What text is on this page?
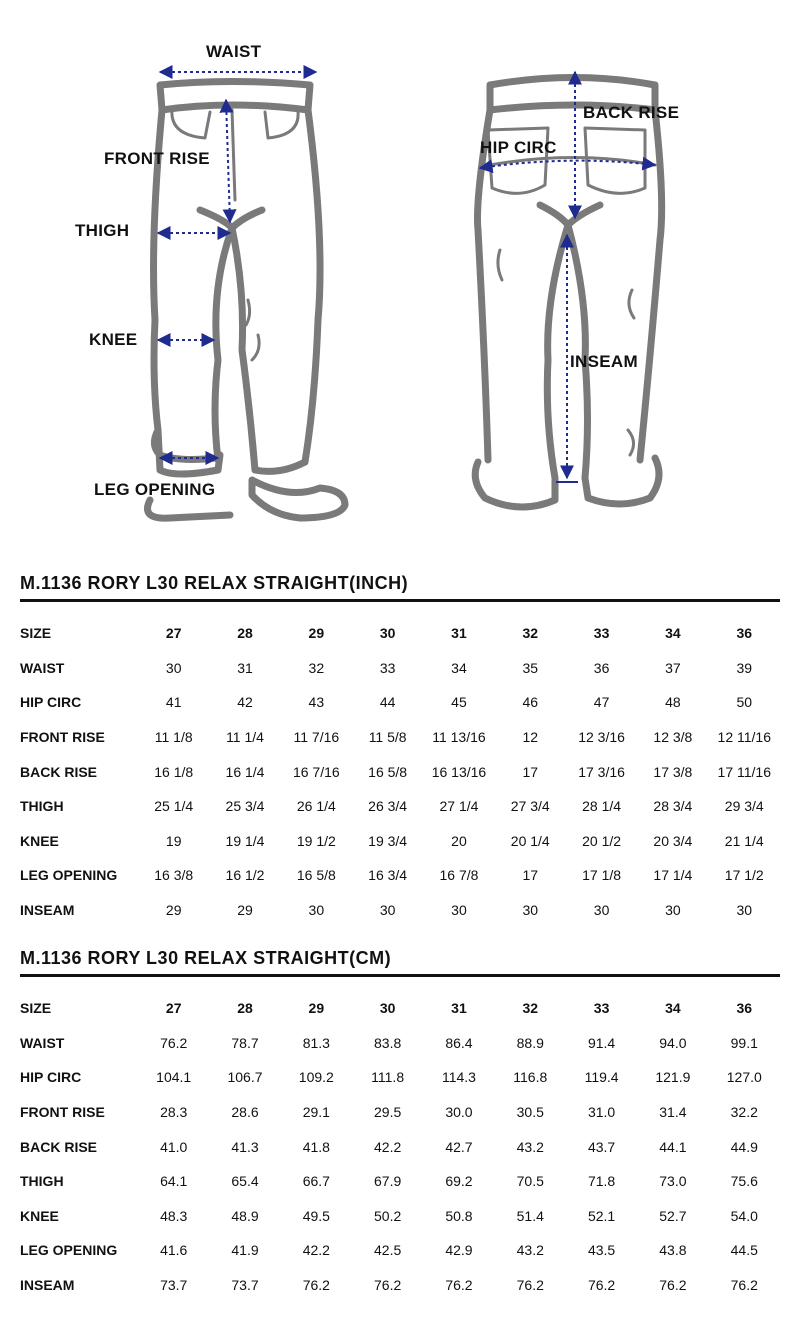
WAIST
FRONT RISE
THIGH
KNEE
LEG OPENING
BACK RISE
HIP CIRC
INSEAM
M.1136 RORY L30 RELAX STRAIGHT(INCH)
SIZE	27	28	29	30	31	32	33	34	36
WAIST	30	31	32	33	34	35	36	37	39
HIP CIRC	41	42	43	44	45	46	47	48	50
FRONT RISE	11 1/8	11 1/4	11 7/16	11 5/8	11 13/16	12	12 3/16	12 3/8	12 11/16
BACK RISE	16 1/8	16 1/4	16 7/16	16 5/8	16 13/16	17	17 3/16	17 3/8	17 11/16
THIGH	25 1/4	25 3/4	26 1/4	26 3/4	27 1/4	27 3/4	28 1/4	28 3/4	29 3/4
KNEE	19	19 1/4	19 1/2	19 3/4	20	20 1/4	20 1/2	20 3/4	21 1/4
LEG OPENING	16 3/8	16 1/2	16 5/8	16 3/4	16 7/8	17	17 1/8	17 1/4	17 1/2
INSEAM	29	29	30	30	30	30	30	30	30
M.1136 RORY L30 RELAX STRAIGHT(CM)
SIZE	27	28	29	30	31	32	33	34	36
WAIST	76.2	78.7	81.3	83.8	86.4	88.9	91.4	94.0	99.1
HIP CIRC	104.1	106.7	109.2	111.8	114.3	116.8	119.4	121.9	127.0
FRONT RISE	28.3	28.6	29.1	29.5	30.0	30.5	31.0	31.4	32.2
BACK RISE	41.0	41.3	41.8	42.2	42.7	43.2	43.7	44.1	44.9
THIGH	64.1	65.4	66.7	67.9	69.2	70.5	71.8	73.0	75.6
KNEE	48.3	48.9	49.5	50.2	50.8	51.4	52.1	52.7	54.0
LEG OPENING	41.6	41.9	42.2	42.5	42.9	43.2	43.5	43.8	44.5
INSEAM	73.7	73.7	76.2	76.2	76.2	76.2	76.2	76.2	76.2
